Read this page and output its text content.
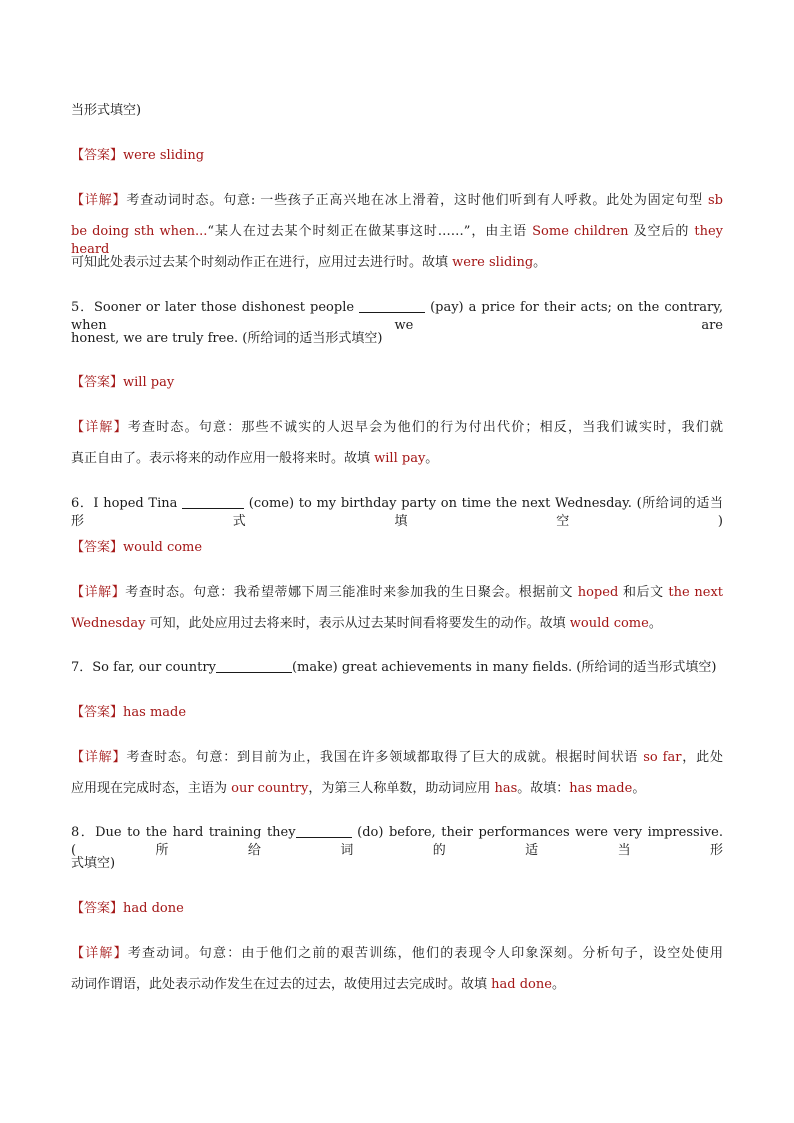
当形式填空)
【答案】were sliding
【详解】考查动词时态。句意: 一些孩子正高兴地在冰上滑着，这时他们听到有人呼救。此处为固定句型 sb
be doing sth when...“某人在过去某个时刻正在做某事这时……”，由主语 Some children 及空后的 they heard
可知此处表示过去某个时刻动作正在进行，应用过去进行时。故填 were sliding。
5．Sooner or later those dishonest people	(pay) a price for their acts; on the contrary, when we are
honest, we are truly free. (所给词的适当形式填空)
【答案】will pay
【详解】考查时态。句意：那些不诚实的人迟早会为他们的行为付出代价；相反，当我们诚实时，我们就
真正自由了。表示将来的动作应用一般将来时。故填 will pay。
6．I hoped Tina	(come) to my birthday party on time the next Wednesday. (所给词的适当形式填空)
【答案】would come
【详解】考查时态。句意：我希望蒂娜下周三能准时来参加我的生日聚会。根据前文 hoped 和后文 the next
Wednesday 可知，此处应用过去将来时，表示从过去某时间看将要发生的动作。故填 would come。
7．So far, our country	(make) great achievements in many fields. (所给词的适当形式填空)
【答案】has made
【详解】考查时态。句意：到目前为止，我国在许多领域都取得了巨大的成就。根据时间状语 so far，此处
应用现在完成时态，主语为 our country，为第三人称单数，助动词应用 has。故填：has made。
8．Due to the hard training they	(do) before, their performances were very impressive. (所给词的适当形
式填空)
【答案】had done
【详解】考查动词。句意：由于他们之前的艰苦训练，他们的表现令人印象深刻。分析句子，设空处使用
动词作谓语，此处表示动作发生在过去的过去，故使用过去完成时。故填 had done。
